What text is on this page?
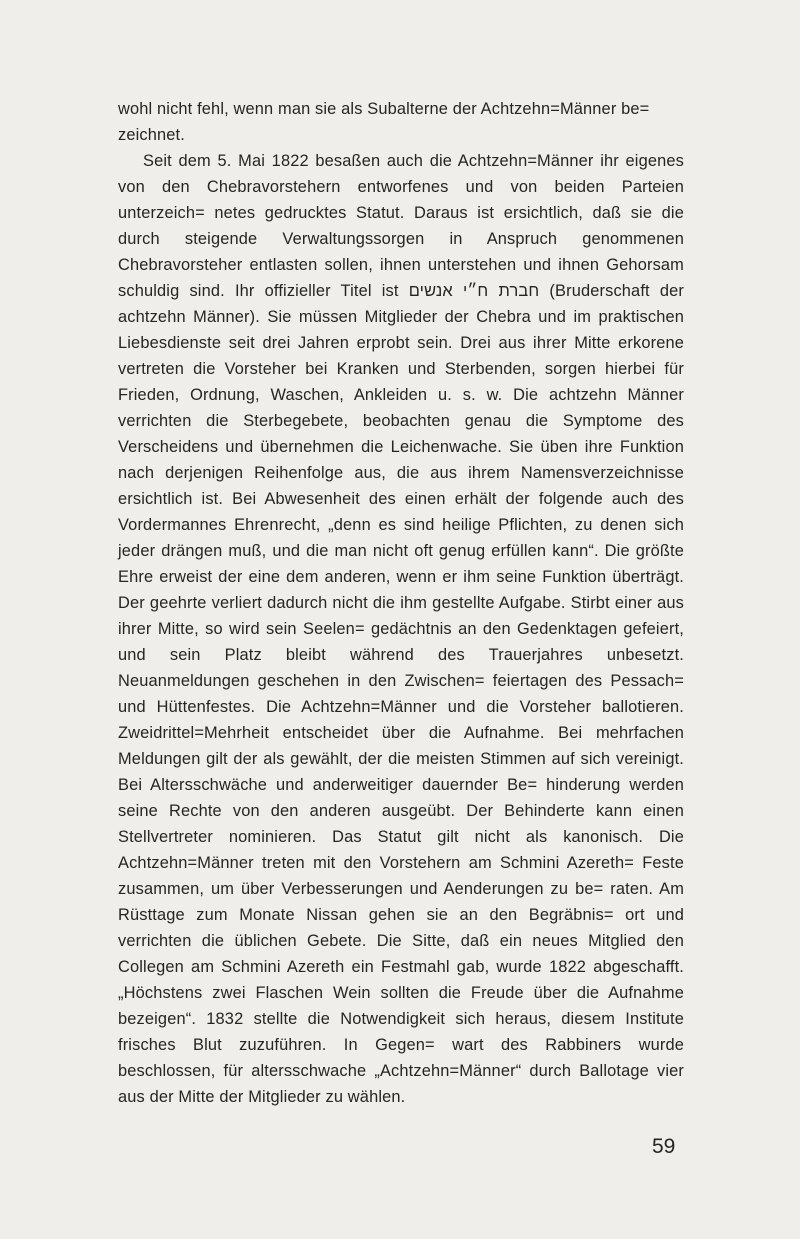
wohl nicht fehl, wenn man sie als Subalterne der Achtzehn=Männer be= zeichnet.

Seit dem 5. Mai 1822 besaßen auch die Achtzehn=Männer ihr eigenes von den Chebravorstehern entworfenes und von beiden Parteien unterzeich= netes gedrucktes Statut. Daraus ist ersichtlich, daß sie die durch steigende Verwaltungssorgen in Anspruch genommenen Chebravorsteher entlasten sollen, ihnen unterstehen und ihnen Gehorsam schuldig sind. Ihr offizieller Titel ist חברת ח״י אנשים (Bruderschaft der achtzehn Männer). Sie müssen Mitglieder der Chebra und im praktischen Liebesdienste seit drei Jahren erprobt sein. Drei aus ihrer Mitte erkorene vertreten die Vorsteher bei Kranken und Sterbenden, sorgen hierbei für Frieden, Ordnung, Waschen, Ankleiden u. s. w. Die achtzehn Männer verrichten die Sterbegebete, beobachten genau die Symptome des Verscheidens und übernehmen die Leichenwache. Sie üben ihre Funktion nach derjenigen Reihenfolge aus, die aus ihrem Namensverzeichnisse ersichtlich ist. Bei Abwesenheit des einen erhält der folgende auch des Vordermannes Ehrenrecht, „denn es sind heilige Pflichten, zu denen sich jeder drängen muß, und die man nicht oft genug erfüllen kann“. Die größte Ehre erweist der eine dem anderen, wenn er ihm seine Funktion überträgt. Der geehrte verliert dadurch nicht die ihm gestellte Aufgabe. Stirbt einer aus ihrer Mitte, so wird sein Seelen= gedächtnis an den Gedenktagen gefeiert, und sein Platz bleibt während des Trauerjahres unbesetzt. Neuanmeldungen geschehen in den Zwischen= feiertagen des Pessach= und Hüttenfestes. Die Achtzehn=Männer und die Vorsteher ballotieren. Zweidrittel=Mehrheit entscheidet über die Aufnahme. Bei mehrfachen Meldungen gilt der als gewählt, der die meisten Stimmen auf sich vereinigt. Bei Altersschwäche und anderweitiger dauernder Be= hinderung werden seine Rechte von den anderen ausgeübt. Der Behinderte kann einen Stellvertreter nominieren. Das Statut gilt nicht als kanonisch. Die Achtzehn=Männer treten mit den Vorstehern am Schmini Azereth= Feste zusammen, um über Verbesserungen und Aenderungen zu be= raten. Am Rüsttage zum Monate Nissan gehen sie an den Begräbnis= ort und verrichten die üblichen Gebete. Die Sitte, daß ein neues Mitglied den Collegen am Schmini Azereth ein Festmahl gab, wurde 1822 abgeschafft. „Höchstens zwei Flaschen Wein sollten die Freude über die Aufnahme bezeigen“. 1832 stellte die Notwendigkeit sich heraus, diesem Institute frisches Blut zuzuführen. In Gegen= wart des Rabbiners wurde beschlossen, für altersschwache „Achtzehn=Männer“ durch Ballotage vier aus der Mitte der Mitglieder zu wählen.

59
